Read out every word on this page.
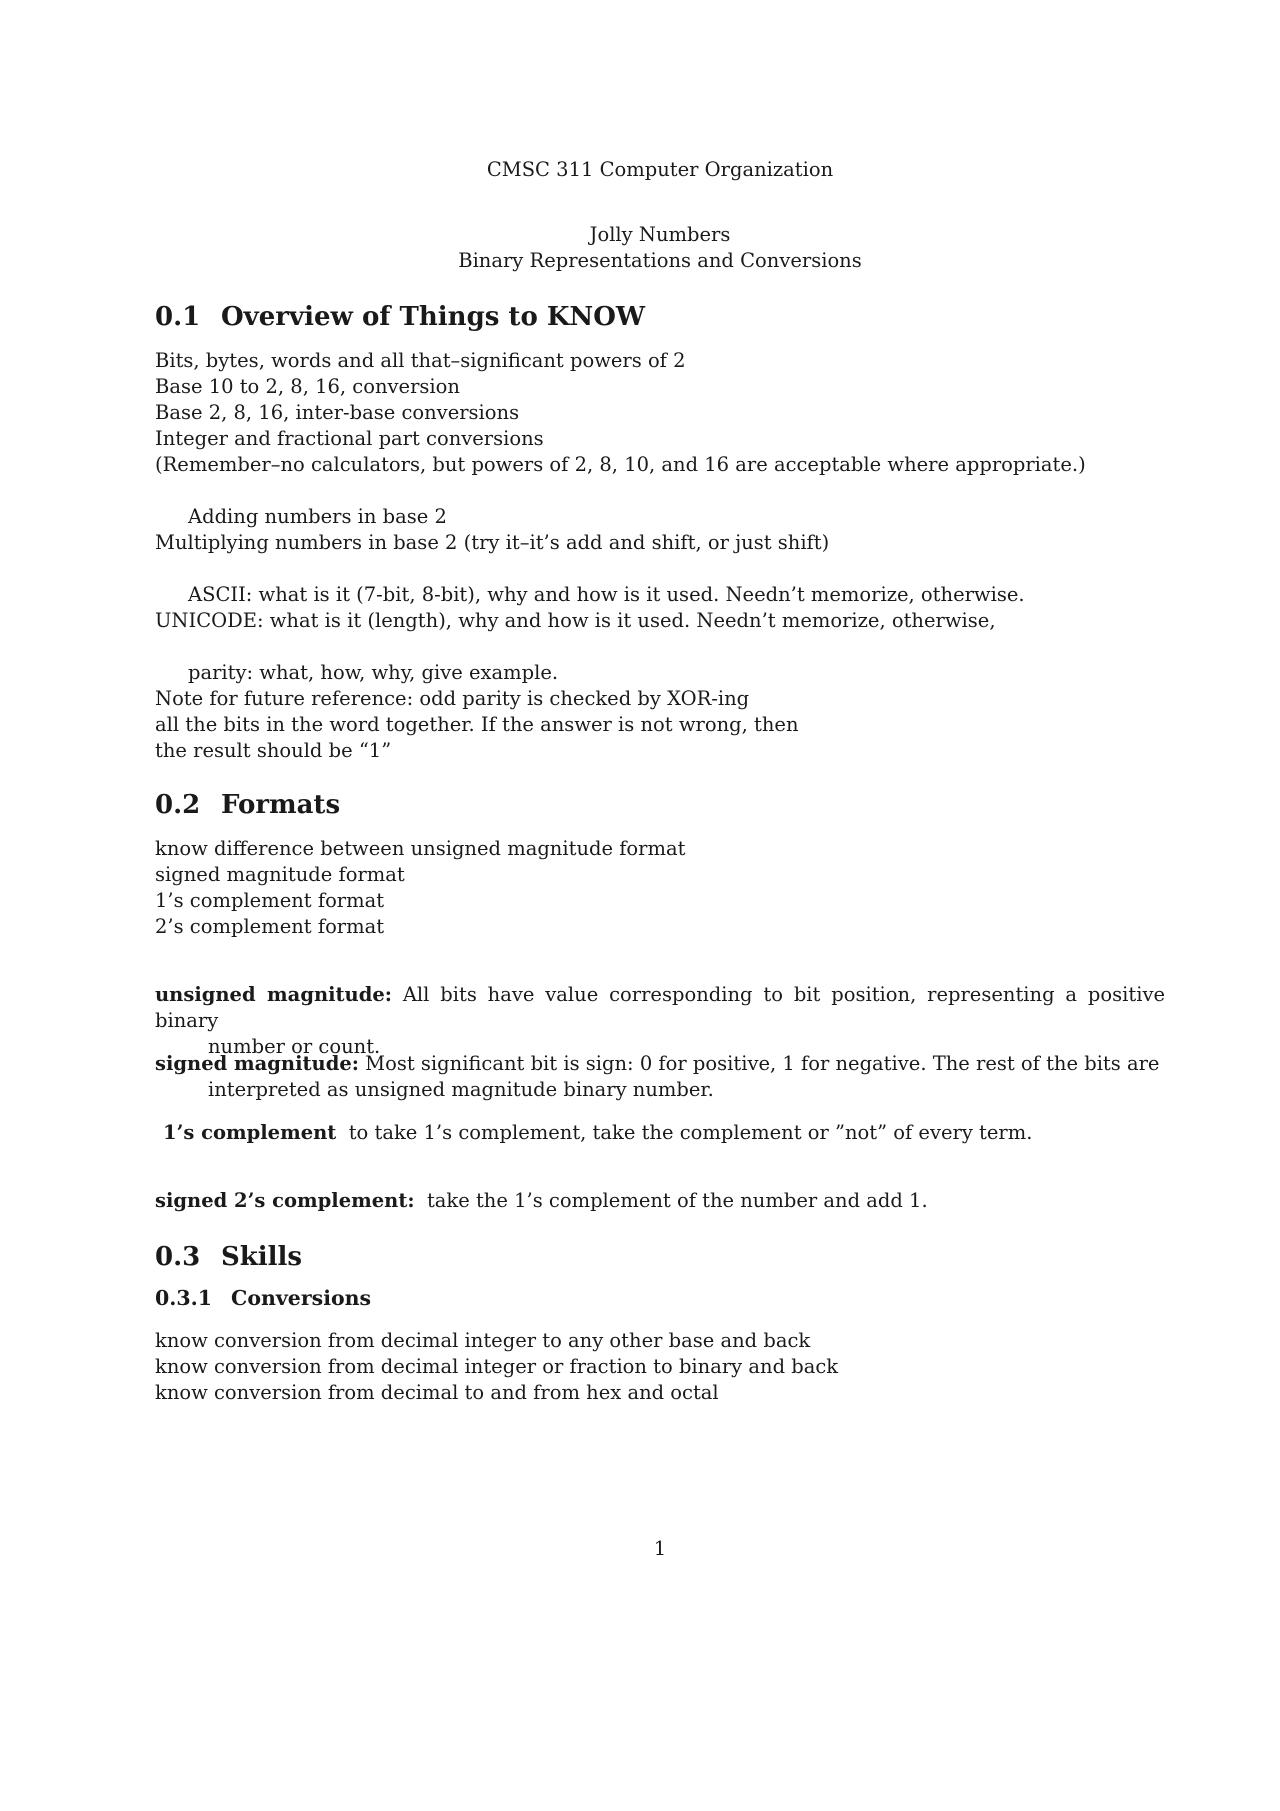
CMSC 311 Computer Organization
Jolly Numbers
Binary Representations and Conversions
0.1 Overview of Things to KNOW
Bits, bytes, words and all that–significant powers of 2
Base 10 to 2, 8, 16, conversion
Base 2, 8, 16, inter-base conversions
Integer and fractional part conversions
(Remember–no calculators, but powers of 2, 8, 10, and 16 are acceptable where appropriate.)
Adding numbers in base 2
Multiplying numbers in base 2 (try it–it’s add and shift, or just shift)
ASCII: what is it (7-bit, 8-bit), why and how is it used. Needn’t memorize, otherwise.
UNICODE: what is it (length), why and how is it used. Needn’t memorize, otherwise,
parity: what, how, why, give example.
Note for future reference: odd parity is checked by XOR-ing
all the bits in the word together. If the answer is not wrong, then
the result should be “1”
0.2 Formats
know difference between unsigned magnitude format
signed magnitude format
1’s complement format
2’s complement format
unsigned magnitude: All bits have value corresponding to bit position, representing a positive binary
number or count.
signed magnitude: Most significant bit is sign: 0 for positive, 1 for negative. The rest of the bits are
interpreted as unsigned magnitude binary number.
1’s complement to take 1’s complement, take the complement or ”not” of every term.
signed 2’s complement: take the 1’s complement of the number and add 1.
0.3 Skills
0.3.1 Conversions
know conversion from decimal integer to any other base and back
know conversion from decimal integer or fraction to binary and back
know conversion from decimal to and from hex and octal
1
